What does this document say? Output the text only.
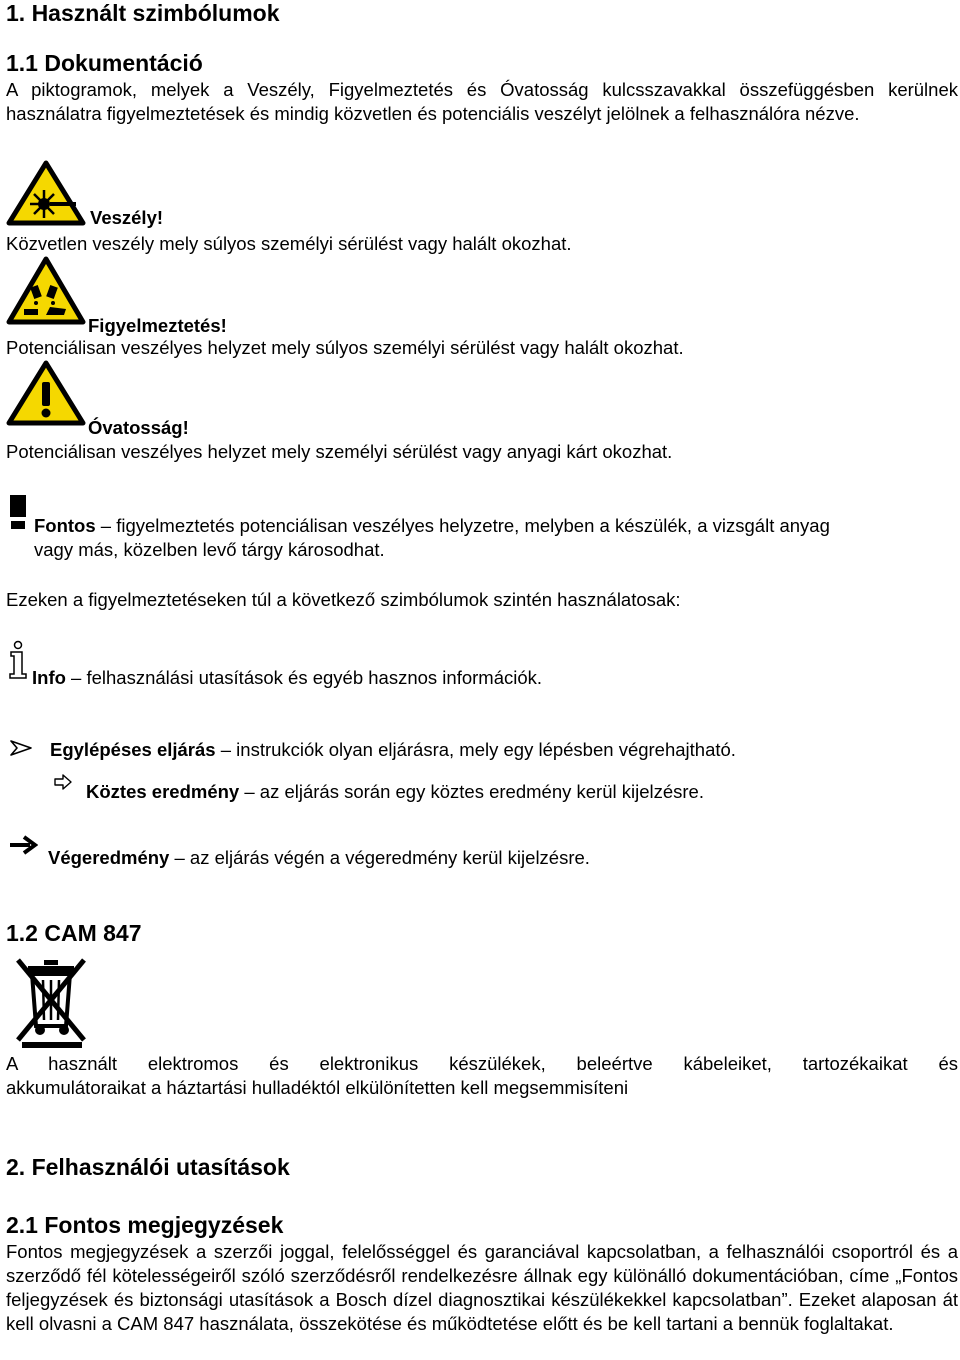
1. Használt szimbólumok
1.1 Dokumentáció
A piktogramok, melyek a Veszély, Figyelmeztetés és Óvatosság kulcsszavakkal összefüggésben kerülnek használatra figyelmeztetések és mindig közvetlen és potenciális veszélyt jelölnek a felhasználóra nézve.
Veszély!
Közvetlen veszély mely súlyos személyi sérülést vagy halált okozhat.
Figyelmeztetés!
Potenciálisan veszélyes helyzet mely súlyos személyi sérülést vagy halált okozhat.
Óvatosság!
Potenciálisan veszélyes helyzet mely személyi sérülést vagy anyagi kárt okozhat.
Fontos – figyelmeztetés potenciálisan veszélyes helyzetre, melyben a készülék, a vizsgált anyag
vagy más, közelben levő tárgy károsodhat.
Ezeken a figyelmeztetéseken túl a következő szimbólumok szintén használatosak:
Info – felhasználási utasítások és egyéb hasznos információk.
Egylépéses eljárás – instrukciók olyan eljárásra, mely egy lépésben végrehajtható.
Köztes eredmény – az eljárás során egy köztes eredmény kerül kijelzésre.
Végeredmény – az eljárás végén a végeredmény kerül kijelzésre.
1.2 CAM 847
A használt elektromos és elektronikus készülékek, beleértve kábeleiket, tartozékaikat és
akkumulátoraikat a háztartási hulladéktól elkülönítetten kell megsemmisíteni
2. Felhasználói utasítások
2.1 Fontos megjegyzések
Fontos megjegyzések a szerzői joggal, felelősséggel és garanciával kapcsolatban, a felhasználói csoportról és a szerződő fél kötelességeiről szóló szerződésről rendelkezésre állnak egy különálló dokumentációban, címe „Fontos feljegyzések és biztonsági utasítások a Bosch dízel diagnosztikai készülékekkel kapcsolatban”. Ezeket alaposan át kell olvasni a CAM 847 használata, összekötése és működtetése előtt és be kell tartani a bennük foglaltakat.
